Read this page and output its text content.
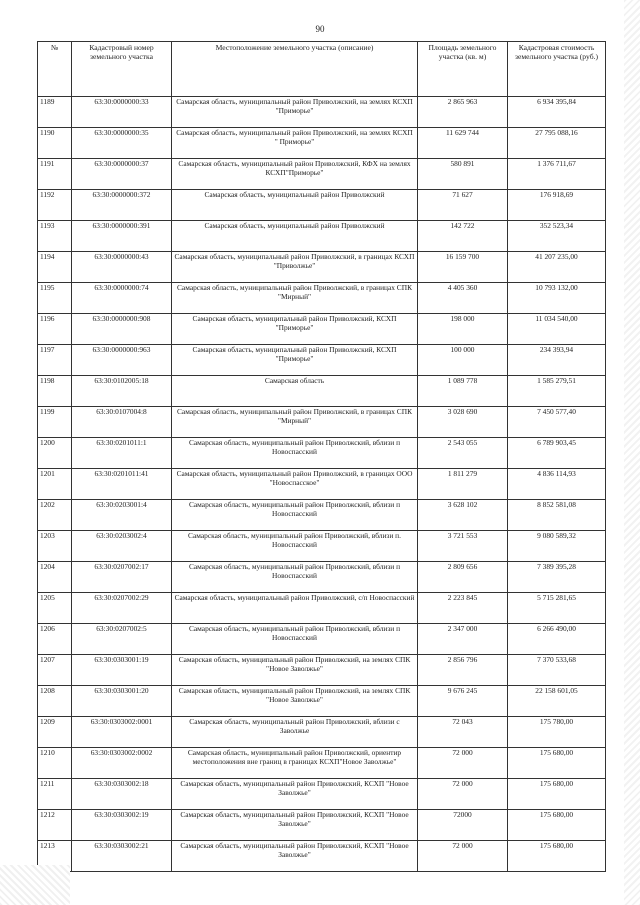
90
№	Кадастровый номер земельного участка	Местоположение земельного участка (описание)	Площадь земельного участка (кв. м)	Кадастровая стоимость земельного участка (руб.)
1189	63:30:0000000:33	Самарская область, муниципальный район Приволжский, на землях КСХП "Приморье"	2 865 963	6 934 395,84
1190	63:30:0000000:35	Самарская область, муниципальный район Приволжский, на землях КСХП " Приморье"	11 629 744	27 795 088,16
1191	63:30:0000000:37	Самарская область, муниципальный район Приволжский, КФХ на землях КСХП"Приморье"	580 891	1 376 711,67
1192	63:30:0000000:372	Самарская область, муниципальный район Приволжский	71 627	176 918,69
1193	63:30:0000000:391	Самарская область, муниципальный район Приволжский	142 722	352 523,34
1194	63:30:0000000:43	Самарская область, муниципальный район Приволжский, в границах КСХП "Приволжье"	16 159 700	41 207 235,00
1195	63:30:0000000:74	Самарская область, муниципальный район Приволжский, в границах СПК "Мирный"	4 405 360	10 793 132,00
1196	63:30:0000000:908	Самарская область, муниципальный район Приволжский, КСХП "Приморье"	198 000	11 034 540,00
1197	63:30:0000000:963	Самарская область, муниципальный район Приволжский, КСХП "Приморье"	100 000	234 393,94
1198	63:30:0102005:18	Самарская область	1 089 778	1 585 279,51
1199	63:30:0107004:8	Самарская область, муниципальный район Приволжский, в границах СПК "Мирный"	3 028 690	7 450 577,40
1200	63:30:0201011:1	Самарская область, муниципальный район Приволжский, вблизи п Новоспасский	2 543 055	6 789 903,45
1201	63:30:0201011:41	Самарская область, муниципальный район Приволжский, в границах ООО "Новоспасское"	1 811 279	4 836 114,93
1202	63:30:0203001:4	Самарская область, муниципальный район Приволжский, вблизи п Новоспасский	3 628 102	8 852 581,08
1203	63:30:0203002:4	Самарская область, муниципальный район Приволжский, вблизи п. Новоспасский	3 721 553	9 080 589,32
1204	63:30:0207002:17	Самарская область, муниципальный район Приволжский, вблизи п Новоспасский	2 809 656	7 389 395,28
1205	63:30:0207002:29	Самарская область, муниципальный район Приволжский, с/п Новоспасский	2 223 845	5 715 281,65
1206	63:30:0207002:5	Самарская область, муниципальный район Приволжский, вблизи п Новоспасский	2 347 000	6 266 490,00
1207	63:30:0303001:19	Самарская область, муниципальный район Приволжский, на землях СПК "Новое Заволжье"	2 856 796	7 370 533,68
1208	63:30:0303001:20	Самарская область, муниципальный район Приволжский, на землях СПК "Новое Заволжье"	9 676 245	22 158 601,05
1209	63:30:0303002:0001	Самарская область, муниципальный район Приволжский, вблизи с Заволжье	72 043	175 780,00
1210	63:30:0303002:0002	Самарская область, муниципальный район Приволжский, ориентир местоположения вне границ в границах КСХП"Новое Заволжье"	72 000	175 680,00
1211	63:30:0303002:18	Самарская область, муниципальный район Приволжский, КСХП "Новое Заволжье"	72 000	175 680,00
1212	63:30:0303002:19	Самарская область, муниципальный район Приволжский, КСХП "Новое Заволжье"	72000	175 680,00
1213	63:30:0303002:21	Самарская область, муниципальный район Приволжский, КСХП "Новое Заволжье"	72 000	175 680,00
